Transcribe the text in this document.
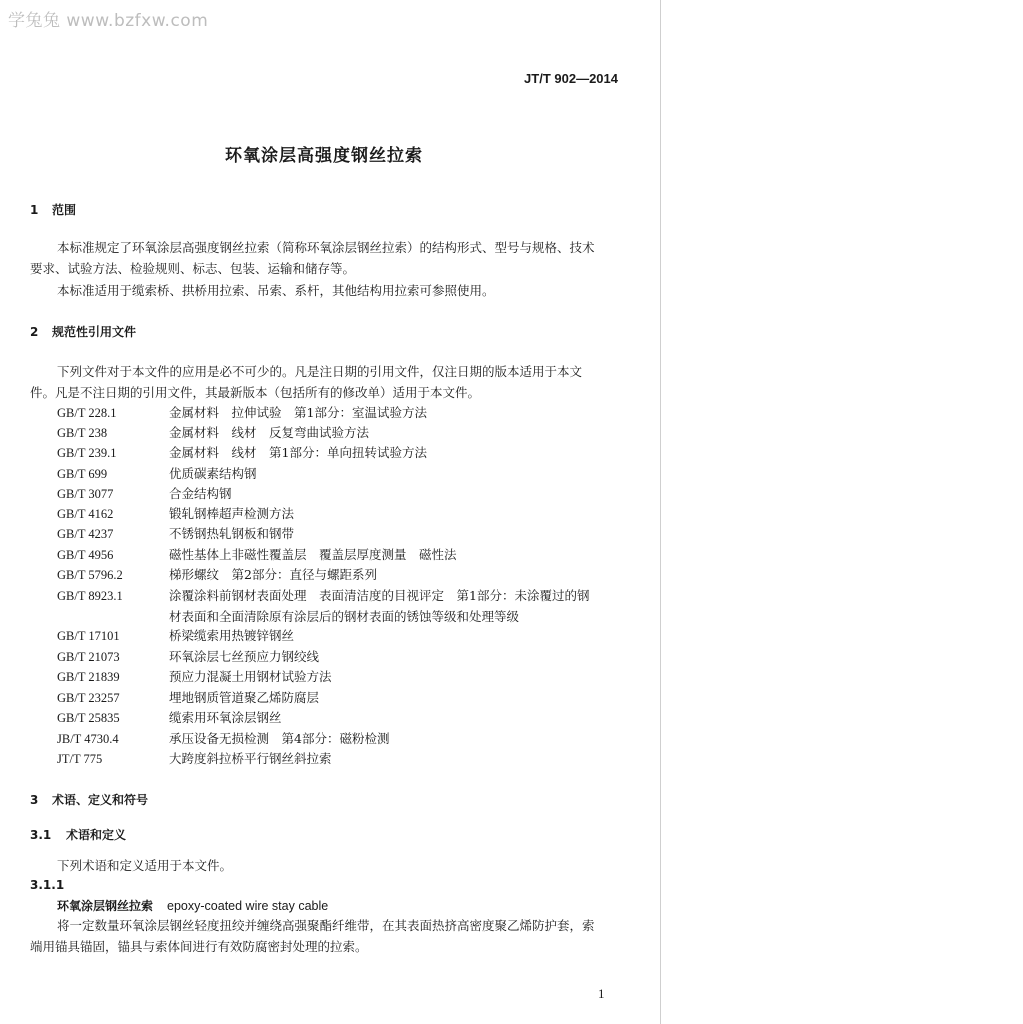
学兔兔 www.bzfxw.com
JT/T 902—2014
环氧涂层高强度钢丝拉索
1 范围
本标准规定了环氧涂层高强度钢丝拉索（简称环氧涂层钢丝拉索）的结构形式、型号与规格、技术
要求、试验方法、检验规则、标志、包装、运输和储存等。
本标准适用于缆索桥、拱桥用拉索、吊索、系杆，其他结构用拉索可参照使用。
2 规范性引用文件
下列文件对于本文件的应用是必不可少的。凡是注日期的引用文件，仅注日期的版本适用于本文
件。凡是不注日期的引用文件，其最新版本（包括所有的修改单）适用于本文件。
GB/T 228.1	金属材料　拉伸试验　第1部分：室温试验方法
GB/T 238	金属材料　线材　反复弯曲试验方法
GB/T 239.1	金属材料　线材　第1部分：单向扭转试验方法
GB/T 699	优质碳素结构钢
GB/T 3077	合金结构钢
GB/T 4162	锻轧钢棒超声检测方法
GB/T 4237	不锈钢热轧钢板和钢带
GB/T 4956	磁性基体上非磁性覆盖层　覆盖层厚度测量　磁性法
GB/T 5796.2	梯形螺纹　第2部分：直径与螺距系列
GB/T 8923.1	涂覆涂料前钢材表面处理　表面清洁度的目视评定　第1部分：未涂覆过的钢
材表面和全面清除原有涂层后的钢材表面的锈蚀等级和处理等级
GB/T 17101	桥梁缆索用热镀锌钢丝
GB/T 21073	环氧涂层七丝预应力钢绞线
GB/T 21839	预应力混凝土用钢材试验方法
GB/T 23257	埋地钢质管道聚乙烯防腐层
GB/T 25835	缆索用环氧涂层钢丝
JB/T 4730.4	承压设备无损检测　第4部分：磁粉检测
JT/T 775	大跨度斜拉桥平行钢丝斜拉索
3 术语、定义和符号
3.1 术语和定义
下列术语和定义适用于本文件。
3.1.1
环氧涂层钢丝拉索 epoxy-coated wire stay cable
将一定数量环氧涂层钢丝轻度扭绞并缠绕高强聚酯纤维带，在其表面热挤高密度聚乙烯防护套，索
端用锚具锚固，锚具与索体间进行有效防腐密封处理的拉索。
1
